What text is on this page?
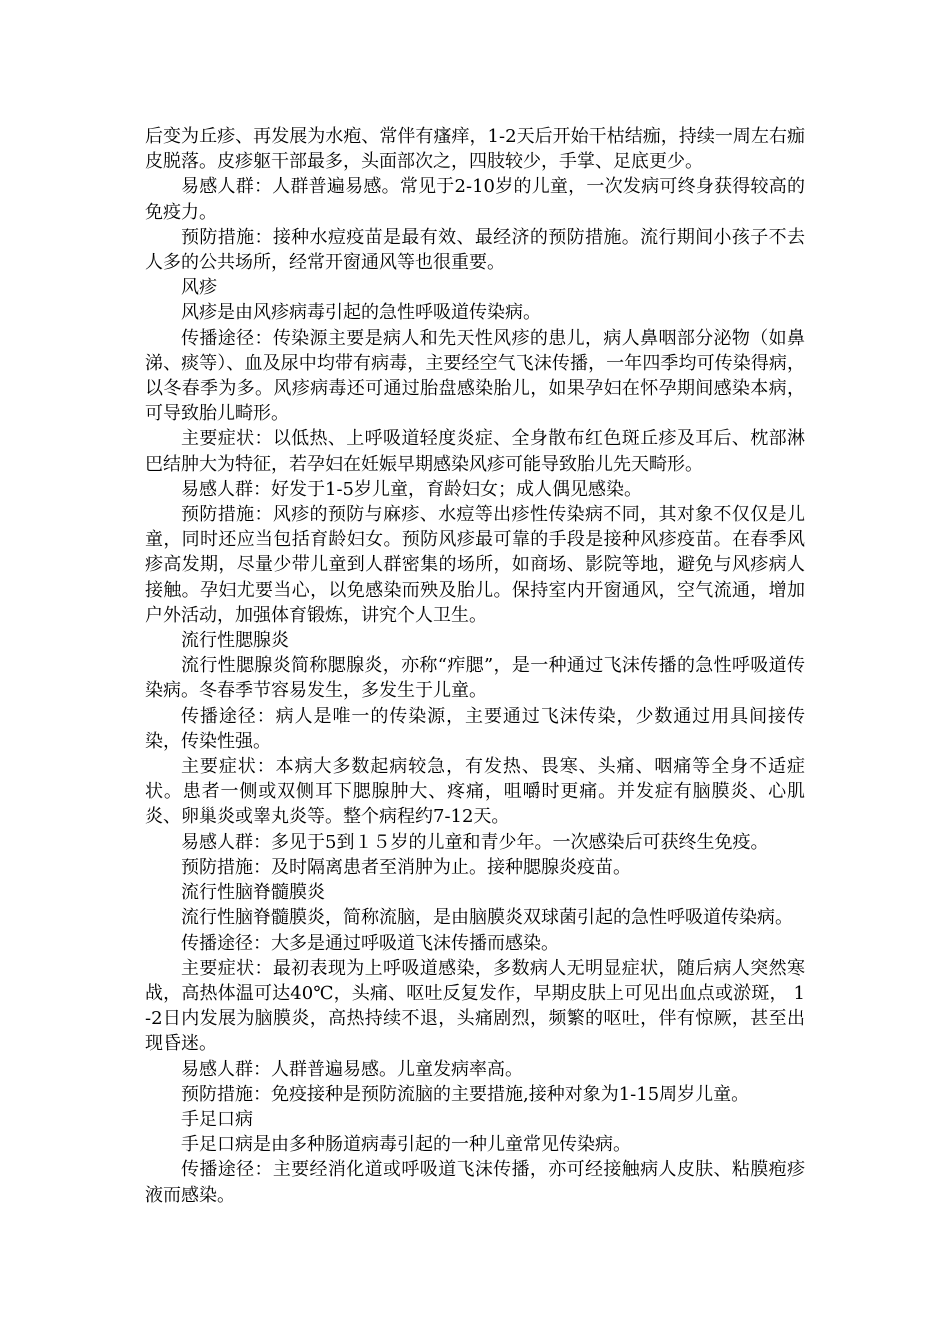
后变为丘疹、再发展为水疱、常伴有瘙痒，1-2天后开始干枯结痂，持续一周左右痂皮脱落。皮疹躯干部最多，头面部次之，四肢较少，手掌、足底更少。

易感人群：人群普遍易感。常见于2-10岁的儿童，一次发病可终身获得较高的免疫力。

预防措施：接种水痘疫苗是最有效、最经济的预防措施。流行期间小孩子不去人多的公共场所，经常开窗通风等也很重要。

风疹

风疹是由风疹病毒引起的急性呼吸道传染病。

传播途径：传染源主要是病人和先天性风疹的患儿，病人鼻咽部分泌物（如鼻涕、痰等）、血及尿中均带有病毒，主要经空气飞沫传播，一年四季均可传染得病，以冬春季为多。风疹病毒还可通过胎盘感染胎儿，如果孕妇在怀孕期间感染本病，可导致胎儿畸形。

主要症状：以低热、上呼吸道轻度炎症、全身散布红色斑丘疹及耳后、枕部淋巴结肿大为特征，若孕妇在妊娠早期感染风疹可能导致胎儿先天畸形。

易感人群：好发于1-5岁儿童，育龄妇女；成人偶见感染。

预防措施：风疹的预防与麻疹、水痘等出疹性传染病不同，其对象不仅仅是儿童，同时还应当包括育龄妇女。预防风疹最可靠的手段是接种风疹疫苗。在春季风疹高发期，尽量少带儿童到人群密集的场所，如商场、影院等地，避免与风疹病人接触。孕妇尤要当心，以免感染而殃及胎儿。保持室内开窗通风，空气流通，增加户外活动，加强体育锻炼，讲究个人卫生。

流行性腮腺炎

流行性腮腺炎简称腮腺炎，亦称“痄腮”，是一种通过飞沫传播的急性呼吸道传染病。冬春季节容易发生，多发生于儿童。

传播途径：病人是唯一的传染源，主要通过飞沫传染，少数通过用具间接传染，传染性强。

主要症状：本病大多数起病较急，有发热、畏寒、头痛、咽痛等全身不适症状。患者一侧或双侧耳下腮腺肿大、疼痛，咀嚼时更痛。并发症有脑膜炎、心肌炎、卵巢炎或睾丸炎等。整个病程约7-12天。

易感人群：多见于5到１５岁的儿童和青少年。一次感染后可获终生免疫。

预防措施：及时隔离患者至消肿为止。接种腮腺炎疫苗。

流行性脑脊髓膜炎

流行性脑脊髓膜炎，简称流脑，是由脑膜炎双球菌引起的急性呼吸道传染病。

传播途径：大多是通过呼吸道飞沫传播而感染。

主要症状：最初表现为上呼吸道感染，多数病人无明显症状，随后病人突然寒战，高热体温可达40℃，头痛、呕吐反复发作，早期皮肤上可见出血点或淤斑， 1-2日内发展为脑膜炎，高热持续不退，头痛剧烈，频繁的呕吐，伴有惊厥，甚至出现昏迷。

易感人群：人群普遍易感。儿童发病率高。

预防措施：免疫接种是预防流脑的主要措施,接种对象为1-15周岁儿童。

手足口病

手足口病是由多种肠道病毒引起的一种儿童常见传染病。

传播途径：主要经消化道或呼吸道飞沫传播，亦可经接触病人皮肤、粘膜疱疹液而感染。
